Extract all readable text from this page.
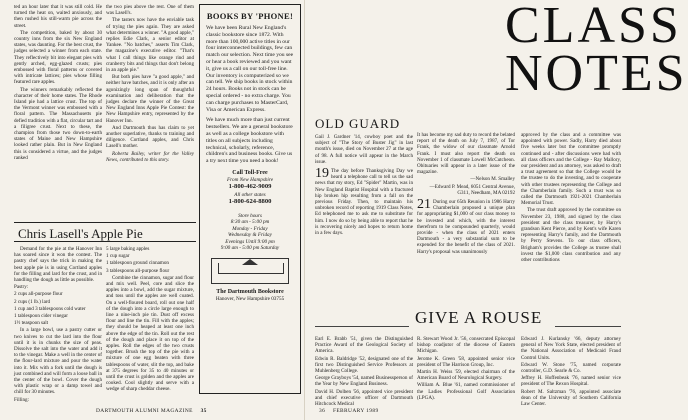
ted an hour later that it was still cold. He turned the heat on, waited anxiously, and then rushed his still-warm pie across the street.

The competition, baked by about 30 country inns from the six New England states, was daunting. For the best crust, the judges selected a winner from each state. They reflectively bit into elegant pies with gently arched, egg-glazed crusts; pies embossed with floral patterns or covered with intricate lattices; pies whose filling featured rare apples.

The winners remarkably reflected the character of their home states. The Rhode Island pie had a lattice crust. The top of the Vermont winner was embossed with a floral pattern. The Massachusetts pie defied tradition with a flat, circular tart and a filigree crust. Next to these, the champion from those two down-to-earth states of Maine and New Hampshire looked rather plain. But in New England this is considered a virtue, and the judges ranked

the two pies above the rest. One of them was Lasell's.

The tasters now have the enviable task of trying the pies again. They are asked what determines a winner. "A good apple," replies Edie Clark, a senior editor at Yankee. "No batches," asserts Tim Clark, the magazine's executive editor. "That's what I call things like orange rind and cranberry bits and things that don't belong in an apple pie."

But both pies have "a good apple," and neither have batches, and it is only after an agonizingly long span of thoughtful examination and deliberation that the judges declare the winner of the Great New England Inns Apple Pie Contest: the New Hampshire entry, represented by the Hanover Inn.

And Dartmouth thus has claim to yet another superlative, thanks to training and diligence. Cortland apples, and Chris Lasell's mother.

Roberta Bailey, writer for the Valley News, contributed to this story.

Chris Lasell's Apple Pie

Demand for the pie at the Hanover Inn has soared since it won the contest. The pastry chef says the trick in making the best apple pie is in using Cortland apples for the filling and lard for the crust, and in handling the dough as little as possible.

Pastry:

2 cups all-purpose flour

2 cups (1 lb.) lard

1 cup and 3 tablespoons cold water

1 tablespoon cider vinegar

1½ teaspoon salt

In a large bowl, use a pastry cutter or two knives to cut the lard into the flour until it is in chunks the size of peas. Dissolve the salt into the water and add it to the vinegar. Make a well in the center of the flour-lard mixture and pour the water into it. Mix with a fork until the dough is just combined and will form a loose ball in the center of the bowl. Cover the dough with plastic wrap or a damp towel and chill for 30 minutes.

Filling:

5 large baking apples

1 cup sugar

1 tablespoon ground cinnamon

3 tablespoons all-purpose flour

Combine the cinnamon, sugar and flour and mix well. Peel, core and slice the apples into a bowl, add the sugar mixture, and toss until the apples are well coated. On a well-floured board, roll out one half of the dough into a circle large enough to line a nine-inch pie tin. Dust off excess flour and line the tin. Fill with the apples; they should be heaped at least one inch above the edge of the tin. Roll out the rest of the dough and place it on top of the apples. Roll the edges of the two crusts together. Brush the top of the pie with a mixture of one egg beaten with three tablespoons of water, slit the top, and bake at 375 degrees for 35 to 40 minutes or until the crust is golden and the apples are cooked. Cool slightly and serve with a wedge of sharp cheddar cheese.

BOOKS BY 'PHONE!
We have been Rural New England's classic bookstore since 1872. With more than 100,000 active titles in our four interconnected buildings, few can match our selection. Next time you see or hear a book reviewed and you want it, give us a call on our toll-free line. Our inventory is computerized so we can tell. We ship books in stock within 24 hours. Books not in stock can be special ordered - no extra charge. You can charge purchases to MasterCard, Visa or American Express.
We have much more than just current bestsellers. We are a general bookstore as well as a college bookstore with titles on all subjects including technical, scholarly, reference, children's and business books. Give us a try next time you need a book!
Call Toll-Free
From New Hampshire
1-800-462-9009
All other states
1-800-624-8800
Store hours
8:30 am - 5:00 pm
Monday - Friday
Wednesday & Friday
Evenings Until 9:00 pm
9:00 am - 5:00 pm Saturday
The Dartmouth Bookstore
Hanover, New Hampshire 03755
DARTMOUTH ALUMNI MAGAZINE 35
CLASS
NOTES
OLD GUARD

Gail J. Gardner '14, cowboy poet and the subject of "The Story of Buster Jig" in last month's issue, died on November 27 at the age of 98. A full notice will appear in the March issue.

19 The day before Thanksgiving Day we heard a telephone call to tell us the sad news that my story, Ed "Spider" Martin, was in New England Baptist Hospital with a fractured hip broken hip resulting from a fall on the previous Friday. Then, to maintain his unbroken record of reporting 1919 Class Notes, Ed telephoned me to ask me to substitute for him. I now do so by being able to report that he is recovering nicely and hopes to return home in a few days.

It has become my sad duty to record the belated report of the death on July 7, 1987, of Tor Frank, the widow of our classmate Arnold Frank. I must also report the death on November 1 of classmate Lowell McCutcheon. Obituaries will appear in a later issue of the magazine.

—Nelson M. Smalley

—Edward P. Mead, 6051 Central Avenue, G311, Needham, MA 02192

21 During our 65th Reunion in 1986 Harry Chamberlain proposed a unique plan for appropriating $1,000 of our class money to be invested and which, with the interest therefrom to be compounded quarterly, would provide - when the class of 2021 enters Dartmouth - a very substantial sum to be expended for the benefit of the class of 2021. Harry's proposal was unanimously

approved by the class and a committee was appointed with power. Sadly, Harry died about five weeks later but the committee promptly continued and - after discussions were had with all class officers and the College - Ray Mallory, our president and an attorney, was asked to draft a trust agreement so that the College would be the trustee to do the investing, and to cooperate with other trustees representing the College and the Chamberlain family. Such a trust was so called the Dartmouth 1921-2021 Chamberlain Memorial Trust.

The trust draft approved by the committee on November 23, 1988, and signed by the class president and the class treasurer, by Harry's grandson Kent Pierce, and by Kent's wife Karen representing Harry's family, and the Dartmouth by Perry Stevens. To our class officers, Brigham's provides the College as trustee shall invest the $1,000 class contribution and any other contributions

GIVE A ROUSE

Earl E. Brabb '51, given the Distinguished Practice Award of the Geological Society of America.

Edwin R. Baldridge '52, designated one of the first two Distinguished Service Professors at Muhlenberg College.

George Grayboys '54, named Businessperson of the Year by New England Business.

David H. Dolben '56, appointed vice president and chief executive officer of Dartmouth Hitchcock Medical

R. Stewart Wood Jr. '56, consecrated Episcopal bishop coadjutor of the diocese of Eastern Michigan.

Jerome K. Green '58, appointed senior vice president of The Harrison Group, Inc.

Martin H. Weiss '59, elected chairman of the American Board of Neurological Surgery.

William A. Blue '61, named commissioner of the Ladies Professional Golf Association (LPGA).

Edward J. Kurlansky '66, deputy attorney general of New York State, elected president of the National Association of Medicaid Fraud Control Units.

Edward W. Stone '75, named corporate controller, G.D. Searle & Co.

Jeffrey H. Hoffenbeak '76, named senior vice president of The Rexon Hospital.

Robert M. Saltzman '76, appointed associate dean of the University of Southern California Law Center.

36 FEBRUARY 1989
